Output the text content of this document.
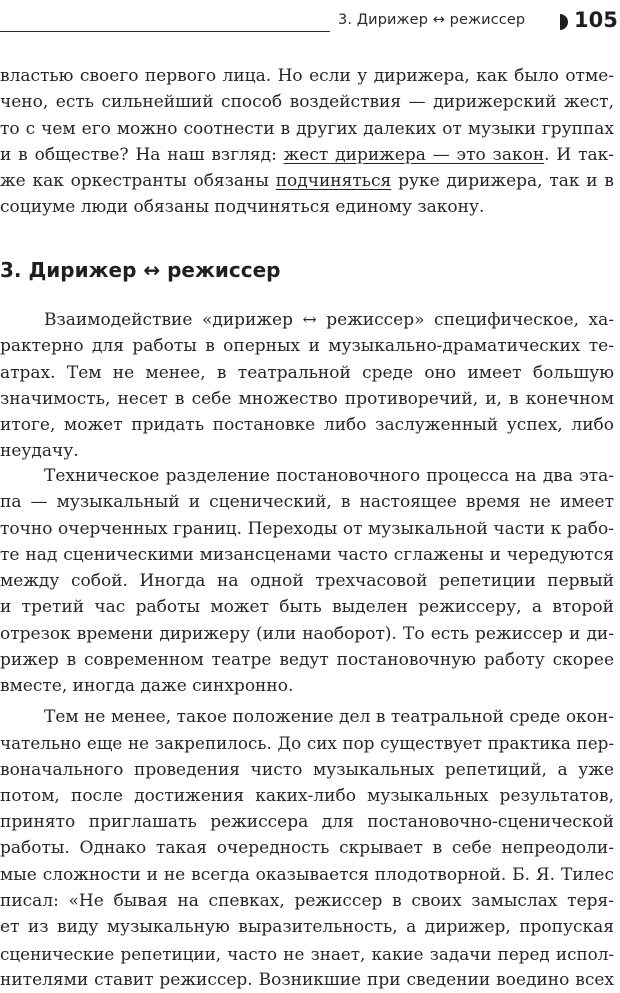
3. Дирижер ↔ режиссер	105
властью своего первого лица. Но если у дирижера, как было отме-
чено, есть сильнейший способ воздействия — дирижерский жест,
то с чем его можно соотнести в других далеких от музыки группах
и в обществе? На наш взгляд: жест дирижера — это закон. И так-
же как оркестранты обязаны подчиняться руке дирижера, так и в
социуме люди обязаны подчиняться единому закону.
3. Дирижер ↔ режиссер
Взаимодействие «дирижер ↔ режиссер» специфическое, ха-
рактерно для работы в оперных и музыкально-драматических те-
атрах. Тем не менее, в театральной среде оно имеет большую
значимость, несет в себе множество противоречий, и, в конечном
итоге, может придать постановке либо заслуженный успех, либо
неудачу.
Техническое разделение постановочного процесса на два эта-
па — музыкальный и сценический, в настоящее время не имеет
точно очерченных границ. Переходы от музыкальной части к рабо-
те над сценическими мизансценами часто сглажены и чередуются
между собой. Иногда на одной трехчасовой репетиции первый
и третий час работы может быть выделен режиссеру, а второй
отрезок времени дирижеру (или наоборот). То есть режиссер и ди-
рижер в современном театре ведут постановочную работу скорее
вместе, иногда даже синхронно.
Тем не менее, такое положение дел в театральной среде окон-
чательно еще не закрепилось. До сих пор существует практика пер-
воначального проведения чисто музыкальных репетиций, а уже
потом, после достижения каких-либо музыкальных результатов,
принято приглашать режиссера для постановочно-сценической
работы. Однако такая очередность скрывает в себе непреодоли-
мые сложности и не всегда оказывается плодотворной. Б. Я. Тилес
писал: «Не бывая на спевках, режиссер в своих замыслах теря-
ет из виду музыкальную выразительность, а дирижер, пропуская
сценические репетиции, часто не знает, какие задачи перед испол-
нителями ставит режиссер. Возникшие при сведении воедино всех
